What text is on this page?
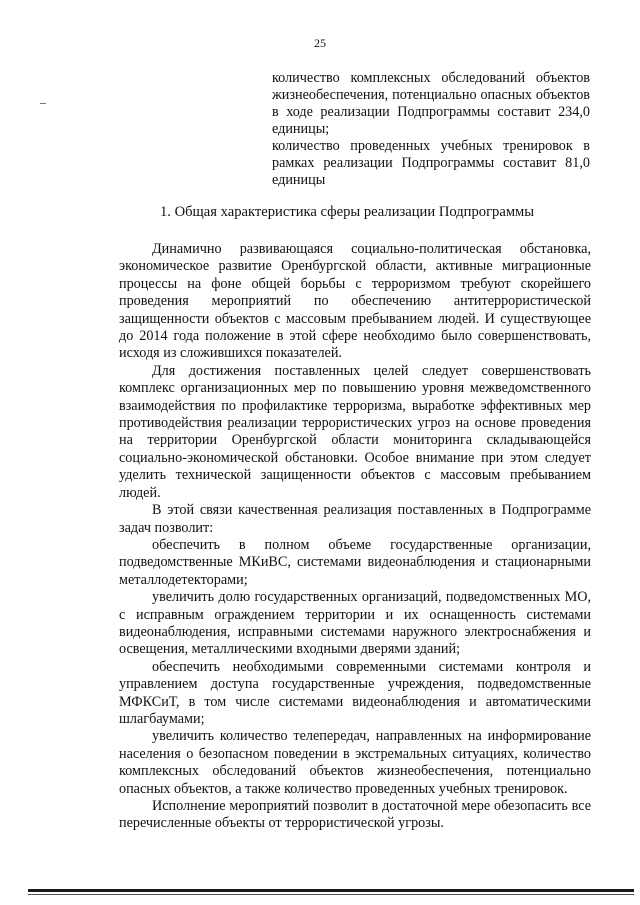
25

количество комплексных обследований объектов жизнеобеспечения, потенциально опасных объектов в ходе реализации Подпрограммы составит 234,0 единицы;

количество проведенных учебных тренировок в рамках реализации Подпрограммы составит 81,0 единицы

1. Общая характеристика сферы реализации Подпрограммы

Динамично развивающаяся социально-политическая обстановка, экономическое развитие Оренбургской области, активные миграционные процессы на фоне общей борьбы с терроризмом требуют скорейшего проведения мероприятий по обеспечению антитеррористической защищенности объектов с массовым пребыванием людей. И существующее до 2014 года положение в этой сфере необходимо было совершенствовать, исходя из сложившихся показателей.

Для достижения поставленных целей следует совершенствовать комплекс организационных мер по повышению уровня межведомственного взаимодействия по профилактике терроризма, выработке эффективных мер противодействия реализации террористических угроз на основе проведения на территории Оренбургской области мониторинга складывающейся социально-экономической обстановки. Особое внимание при этом следует уделить технической защищенности объектов с массовым пребыванием людей.

В этой связи качественная реализация поставленных в Подпрограмме задач позволит:

обеспечить в полном объеме государственные организации, подведомственные МКиВС, системами видеонаблюдения и стационарными металлодетекторами;

увеличить долю государственных организаций, подведомственных МО, с исправным ограждением территории и их оснащенность системами видеонаблюдения, исправными системами наружного электроснабжения и освещения, металлическими входными дверями зданий;

обеспечить необходимыми современными системами контроля и управлением доступа государственные учреждения, подведомственные МФКСиТ, в том числе системами видеонаблюдения и автоматическими шлагбаумами;

увеличить количество телепередач, направленных на информирование населения о безопасном поведении в экстремальных ситуациях, количество комплексных обследований объектов жизнеобеспечения, потенциально опасных объектов, а также количество проведенных учебных тренировок.

Исполнение мероприятий позволит в достаточной мере обезопасить все перечисленные объекты от террористической угрозы.
